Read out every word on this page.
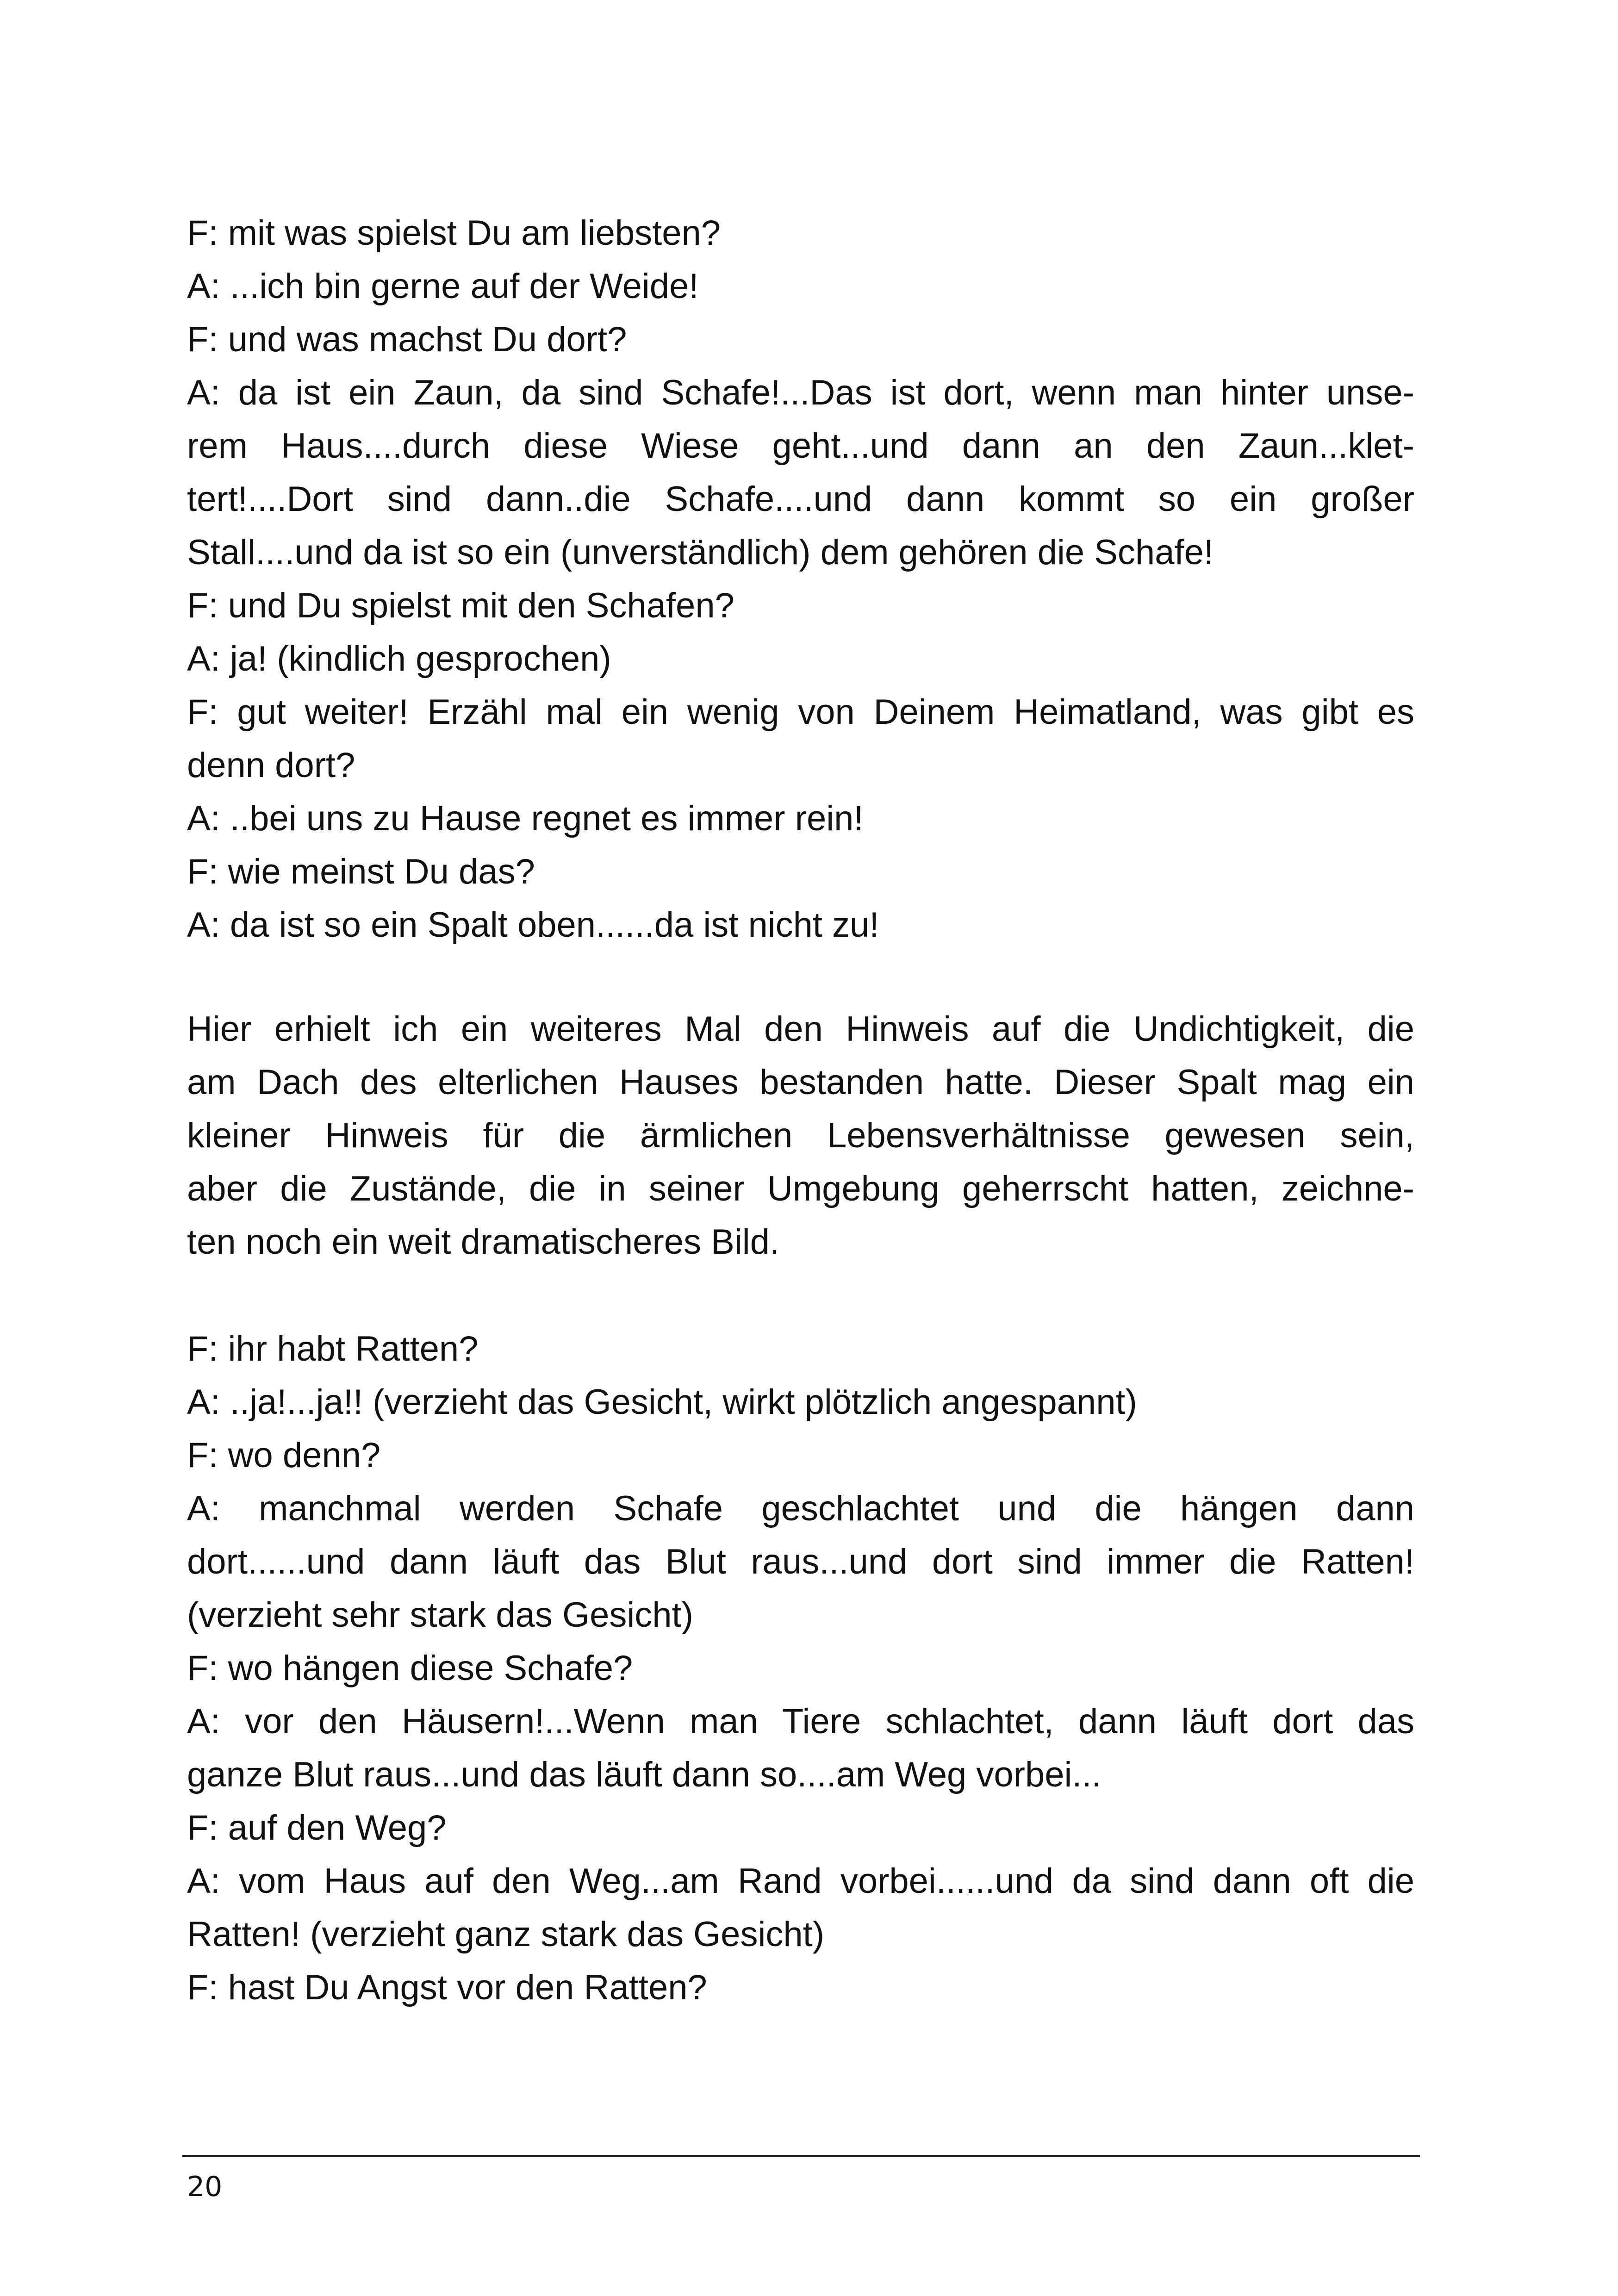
F: mit was spielst Du am liebsten?
A: ...ich bin gerne auf der Weide!
F: und was machst Du dort?
A: da ist ein Zaun, da sind Schafe!...Das ist dort, wenn man hinter unse-
rem Haus....durch diese Wiese geht...und dann an den Zaun...klet-
tert!....Dort sind dann..die Schafe....und dann kommt so ein großer
Stall....und da ist so ein (unverständlich) dem gehören die Schafe!
F: und Du spielst mit den Schafen?
A: ja! (kindlich gesprochen)
F: gut weiter! Erzähl mal ein wenig von Deinem Heimatland, was gibt es
denn dort?
A: ..bei uns zu Hause regnet es immer rein!
F: wie meinst Du das?
A: da ist so ein Spalt oben......da ist nicht zu!
Hier erhielt ich ein weiteres Mal den Hinweis auf die Undichtigkeit, die
am Dach des elterlichen Hauses bestanden hatte. Dieser Spalt mag ein
kleiner Hinweis für die ärmlichen Lebensverhältnisse gewesen sein,
aber die Zustände, die in seiner Umgebung geherrscht hatten, zeichne-
ten noch ein weit dramatischeres Bild.
F: ihr habt Ratten?
A: ..ja!...ja!! (verzieht das Gesicht, wirkt plötzlich angespannt)
F: wo denn?
A: manchmal werden Schafe geschlachtet und die hängen dann
dort......und dann läuft das Blut raus...und dort sind immer die Ratten!
(verzieht sehr stark das Gesicht)
F: wo hängen diese Schafe?
A: vor den Häusern!...Wenn man Tiere schlachtet, dann läuft dort das
ganze Blut raus...und das läuft dann so....am Weg vorbei...
F: auf den Weg?
A: vom Haus auf den Weg...am Rand vorbei......und da sind dann oft die
Ratten! (verzieht ganz stark das Gesicht)
F: hast Du Angst vor den Ratten?
20
